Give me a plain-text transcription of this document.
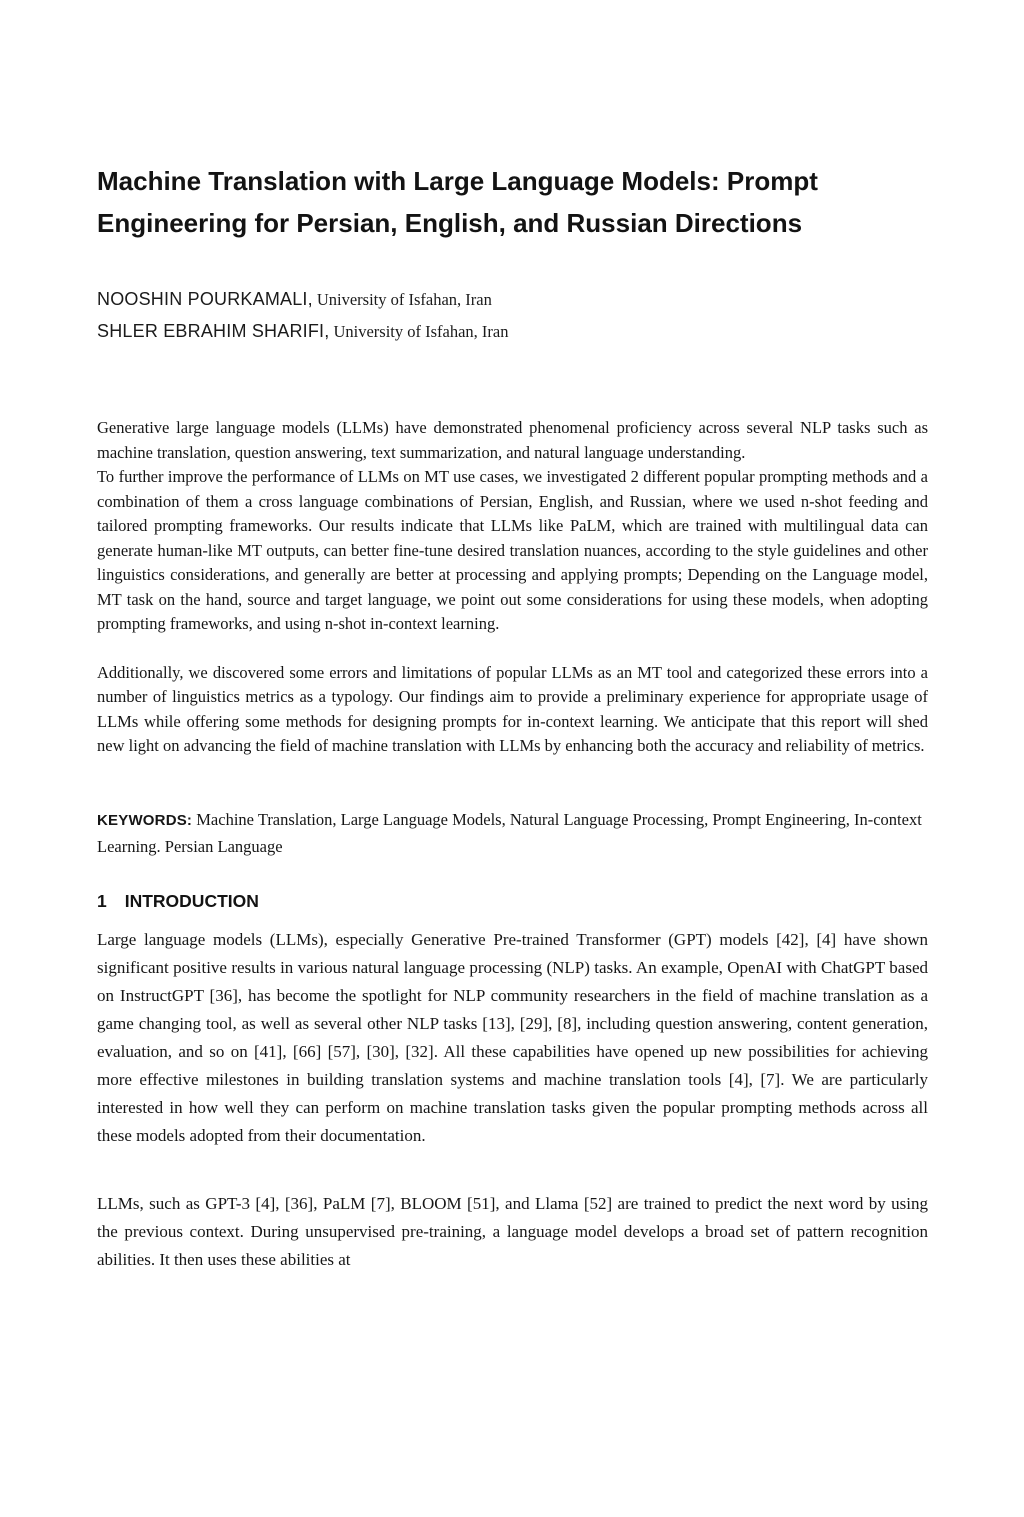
Machine Translation with Large Language Models: Prompt Engineering for Persian, English, and Russian Directions
NOOSHIN POURKAMALI, University of Isfahan, Iran
SHLER EBRAHIM SHARIFI, University of Isfahan, Iran

Generative large language models (LLMs) have demonstrated phenomenal proficiency across several NLP tasks such as machine translation, question answering, text summarization, and natural language understanding.

To further improve the performance of LLMs on MT use cases, we investigated 2 different popular prompting methods and a combination of them a cross language combinations of Persian, English, and Russian, where we used n-shot feeding and tailored prompting frameworks. Our results indicate that LLMs like PaLM, which are trained with multilingual data can generate human-like MT outputs, can better fine-tune desired translation nuances, according to the style guidelines and other linguistics considerations, and generally are better at processing and applying prompts; Depending on the Language model, MT task on the hand, source and target language, we point out some considerations for using these models, when adopting prompting frameworks, and using n-shot in-context learning.

Additionally, we discovered some errors and limitations of popular LLMs as an MT tool and categorized these errors into a number of linguistics metrics as a typology. Our findings aim to provide a preliminary experience for appropriate usage of LLMs while offering some methods for designing prompts for in-context learning. We anticipate that this report will shed new light on advancing the field of machine translation with LLMs by enhancing both the accuracy and reliability of metrics.

KEYWORDS: Machine Translation, Large Language Models, Natural Language Processing, Prompt Engineering, In-context Learning. Persian Language
1 INTRODUCTION

Large language models (LLMs), especially Generative Pre-trained Transformer (GPT) models [42], [4] have shown significant positive results in various natural language processing (NLP) tasks. An example, OpenAI with ChatGPT based on InstructGPT [36], has become the spotlight for NLP community researchers in the field of machine translation as a game changing tool, as well as several other NLP tasks [13], [29], [8], including question answering, content generation, evaluation, and so on [41], [66] [57], [30], [32]. All these capabilities have opened up new possibilities for achieving more effective milestones in building translation systems and machine translation tools [4], [7]. We are particularly interested in how well they can perform on machine translation tasks given the popular prompting methods across all these models adopted from their documentation.

LLMs, such as GPT-3 [4], [36], PaLM [7], BLOOM [51], and Llama [52] are trained to predict the next word by using the previous context. During unsupervised pre-training, a language model develops a broad set of pattern recognition abilities. It then uses these abilities at
